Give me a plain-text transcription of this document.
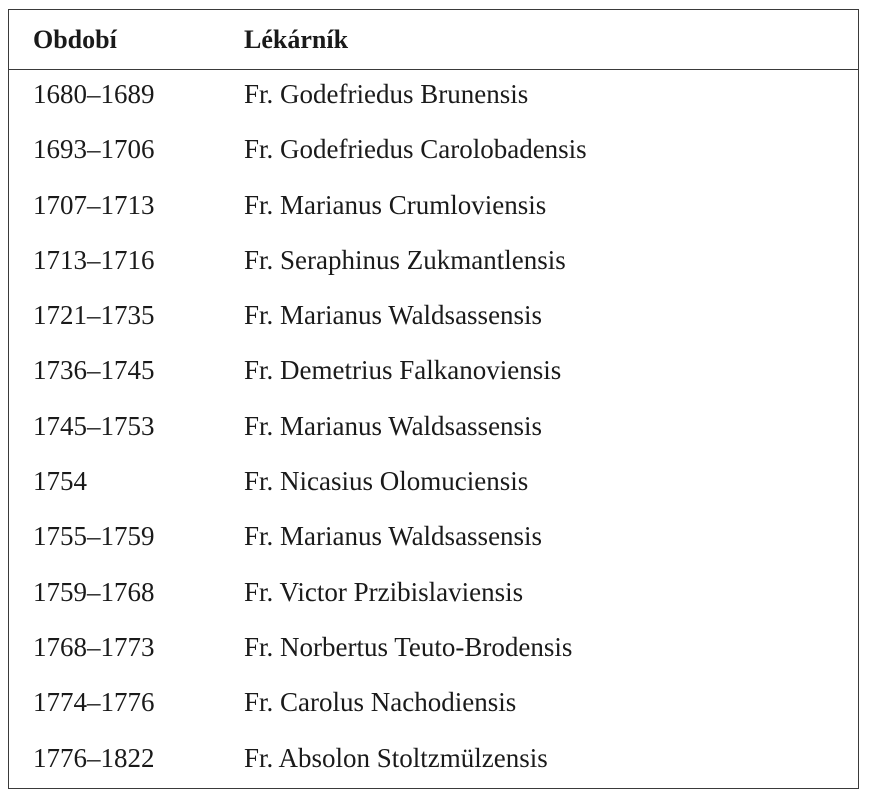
Období	Lékárník
1680–1689	Fr. Godefriedus Brunensis
1693–1706	Fr. Godefriedus Carolobadensis
1707–1713	Fr. Marianus Crumloviensis
1713–1716	Fr. Seraphinus Zukmantlensis
1721–1735	Fr. Marianus Waldsassensis
1736–1745	Fr. Demetrius Falkanoviensis
1745–1753	Fr. Marianus Waldsassensis
1754	Fr. Nicasius Olomuciensis
1755–1759	Fr. Marianus Waldsassensis
1759–1768	Fr. Victor Przibislaviensis
1768–1773	Fr. Norbertus Teuto-Brodensis
1774–1776	Fr. Carolus Nachodiensis
1776–1822	Fr. Absolon Stoltzmülzensis
